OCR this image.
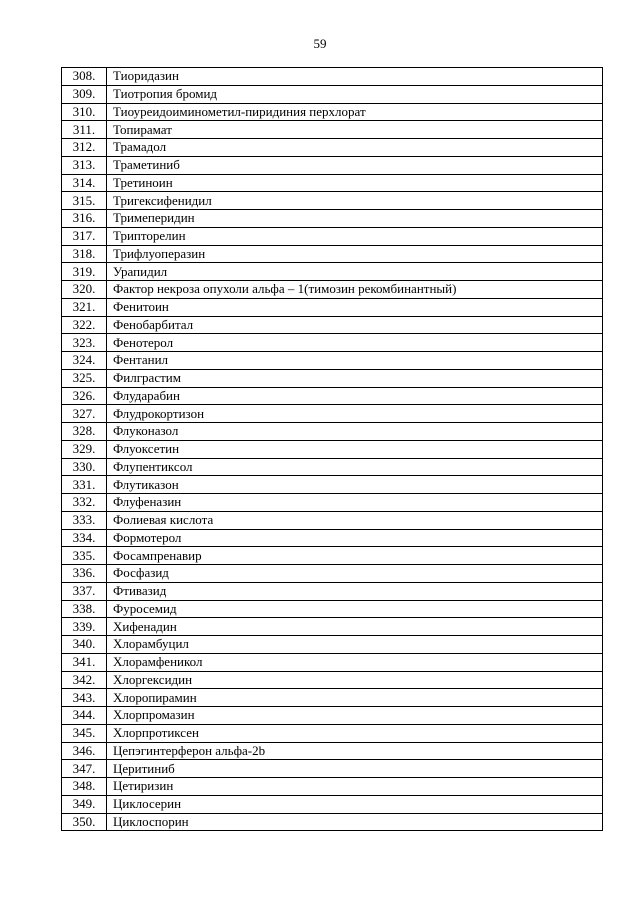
59
308.	Тиоридазин
309.	Тиотропия бромид
310.	Тиоуреидоиминометил-пиридиния перхлорат
311.	Топирамат
312.	Трамадол
313.	Траметиниб
314.	Третиноин
315.	Тригексифенидил
316.	Тримеперидин
317.	Трипторелин
318.	Трифлуоперазин
319.	Урапидил
320.	Фактор некроза опухоли альфа – 1(тимозин рекомбинантный)
321.	Фенитоин
322.	Фенобарбитал
323.	Фенотерол
324.	Фентанил
325.	Филграстим
326.	Флударабин
327.	Флудрокортизон
328.	Флуконазол
329.	Флуоксетин
330.	Флупентиксол
331.	Флутиказон
332.	Флуфеназин
333.	Фолиевая кислота
334.	Формотерол
335.	Фосампренавир
336.	Фосфазид
337.	Фтивазид
338.	Фуросемид
339.	Хифенадин
340.	Хлорамбуцил
341.	Хлорамфеникол
342.	Хлоргексидин
343.	Хлоропирамин
344.	Хлорпромазин
345.	Хлорпротиксен
346.	Цепэгинтерферон альфа-2b
347.	Церитиниб
348.	Цетиризин
349.	Циклосерин
350.	Циклоспорин
